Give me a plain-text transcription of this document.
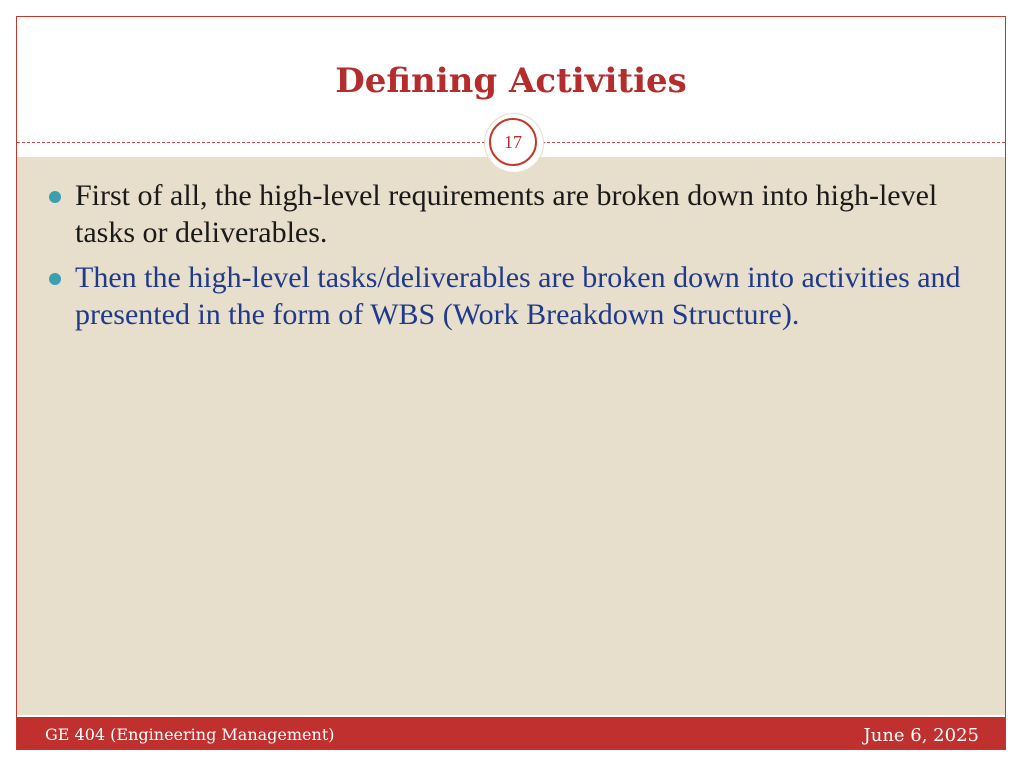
Defining Activities
17
First of all, the high-level requirements are broken down into high-level tasks or deliverables.
Then the high-level tasks/deliverables are broken down into activities and presented in the form of WBS (Work Breakdown Structure).
GE 404 (Engineering Management)	June 6, 2025
